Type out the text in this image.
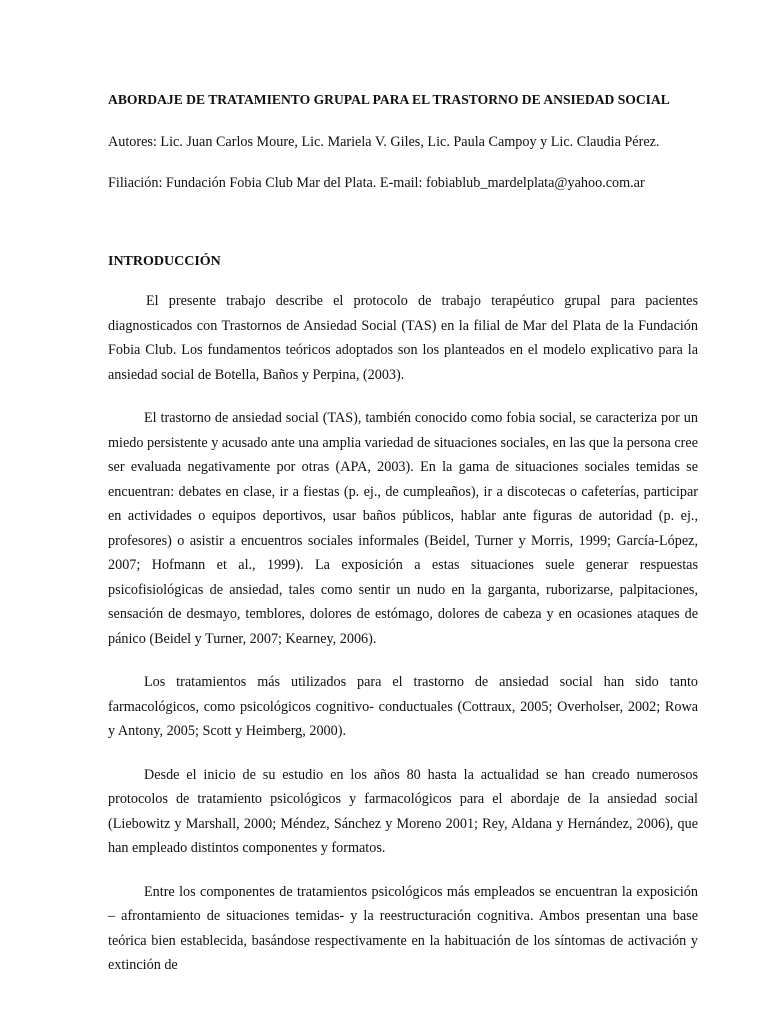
ABORDAJE DE TRATAMIENTO GRUPAL PARA EL TRASTORNO DE ANSIEDAD SOCIAL
Autores: Lic. Juan Carlos Moure, Lic. Mariela V. Giles, Lic. Paula Campoy y Lic. Claudia Pérez.
Filiación: Fundación Fobia Club Mar del Plata. E-mail: fobiablub_mardelplata@yahoo.com.ar
INTRODUCCIÓN

El presente trabajo describe el protocolo de trabajo terapéutico grupal para pacientes diagnosticados con Trastornos de Ansiedad Social (TAS) en la filial de Mar del Plata de la Fundación Fobia Club. Los fundamentos teóricos adoptados son los planteados en el modelo explicativo para la ansiedad social de Botella, Baños y Perpina, (2003).

El trastorno de ansiedad social (TAS), también conocido como fobia social, se caracteriza por un miedo persistente y acusado ante una amplia variedad de situaciones sociales, en las que la persona cree ser evaluada negativamente por otras (APA, 2003). En la gama de situaciones sociales temidas se encuentran: debates en clase, ir a fiestas (p. ej., de cumpleaños), ir a discotecas o cafeterías, participar en actividades o equipos deportivos, usar baños públicos, hablar ante figuras de autoridad (p. ej., profesores) o asistir a encuentros sociales informales (Beidel, Turner y Morris, 1999; García-López, 2007; Hofmann et al., 1999). La exposición a estas situaciones suele generar respuestas psicofisiológicas de ansiedad, tales como sentir un nudo en la garganta, ruborizarse, palpitaciones, sensación de desmayo, temblores, dolores de estómago, dolores de cabeza y en ocasiones ataques de pánico (Beidel y Turner, 2007; Kearney, 2006).

Los tratamientos más utilizados para el trastorno de ansiedad social han sido tanto farmacológicos, como psicológicos cognitivo- conductuales (Cottraux, 2005; Overholser, 2002; Rowa y Antony, 2005; Scott y Heimberg, 2000).

Desde el inicio de su estudio en los años 80 hasta la actualidad se han creado numerosos protocolos de tratamiento psicológicos y farmacológicos para el abordaje de la ansiedad social (Liebowitz y Marshall, 2000; Méndez, Sánchez y Moreno 2001; Rey, Aldana y Hernández, 2006), que han empleado distintos componentes y formatos.

Entre los componentes de tratamientos psicológicos más empleados se encuentran la exposición – afrontamiento de situaciones temidas- y la reestructuración cognitiva. Ambos presentan una base teórica bien establecida, basándose respectivamente en la habituación de los síntomas de activación y extinción de
